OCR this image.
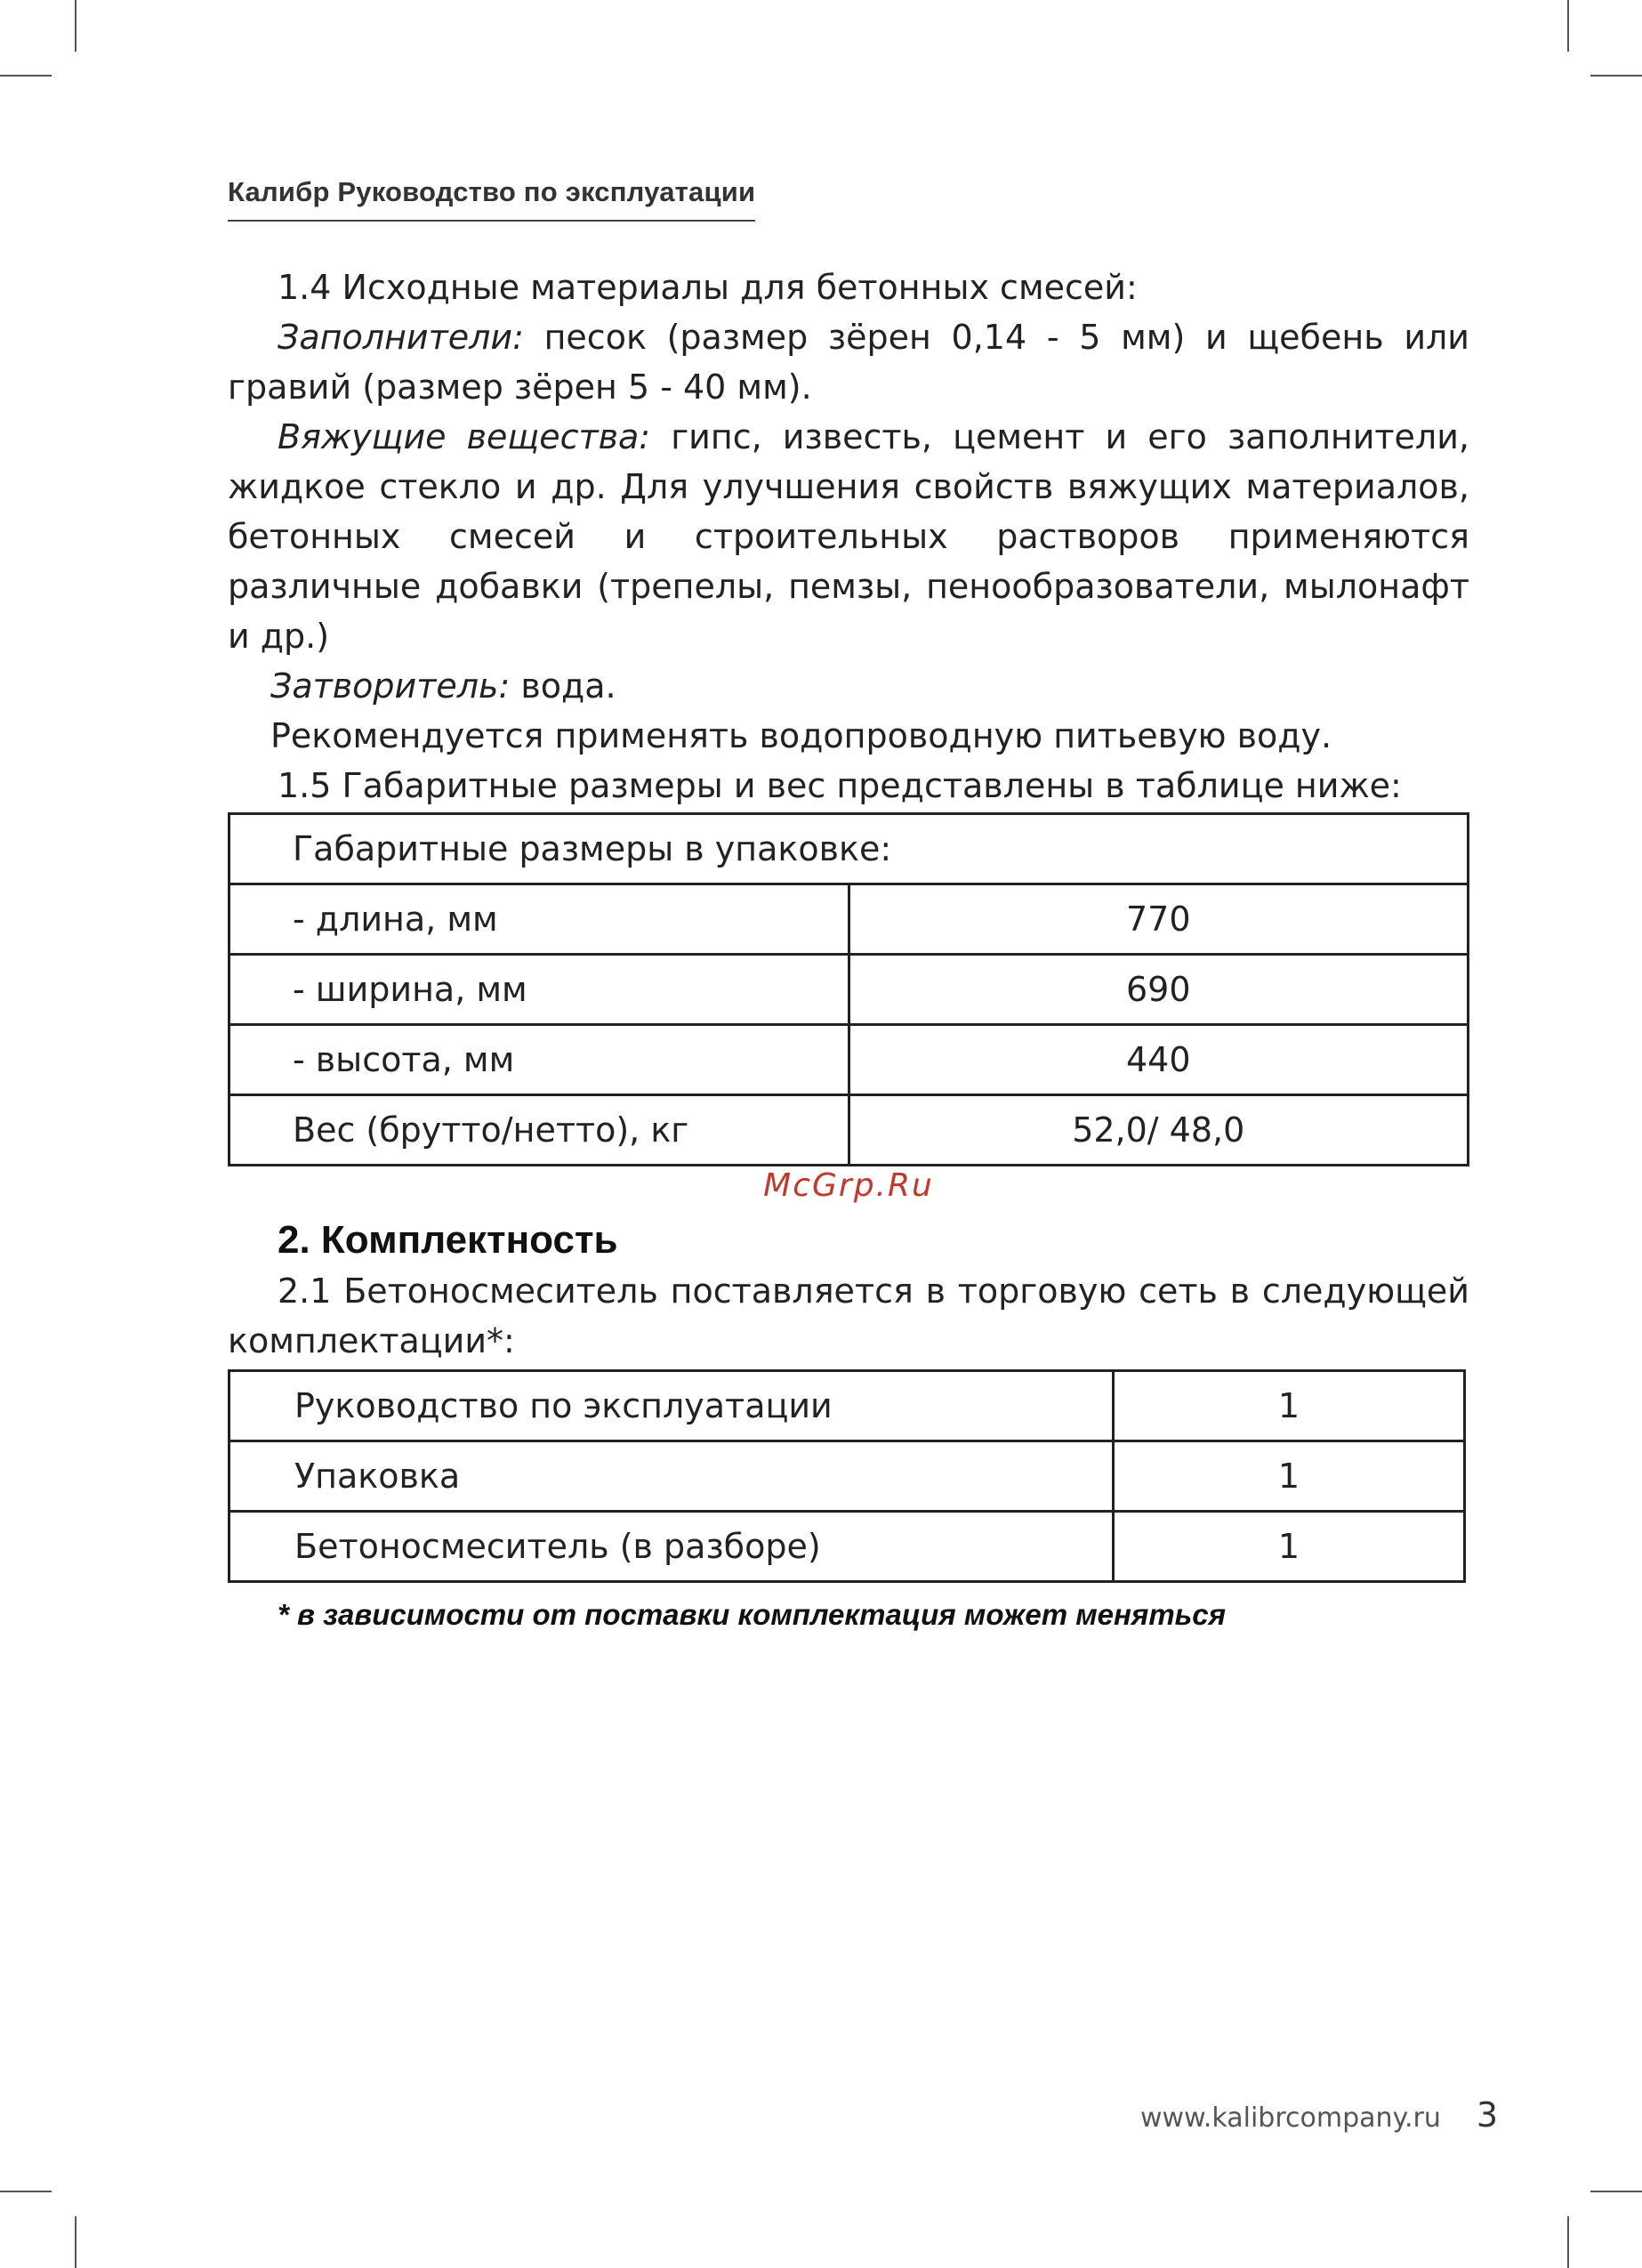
Калибр Руководство по эксплуатации

1.4 Исходные материалы для бетонных смесей:

Заполнители: песок (размер зёрен 0,14 - 5 мм) и щебень или гравий (размер зёрен 5 - 40 мм).

Вяжущие вещества: гипс, известь, цемент и его заполнители, жидкое стекло и др. Для улучшения свойств вяжущих материалов, бетонных смесей и строительных растворов применяются различные добавки (трепелы, пемзы, пенообразователи, мылонафт и др.)

Затворитель: вода.

Рекомендуется применять водопроводную питьевую воду.

1.5 Габаритные размеры и вес представлены в таблице ниже:

Габаритные размеры в упаковке:	
- длина, мм	770
- ширина, мм	690
- высота, мм	440
Вес (брутто/нетто), кг	52,0/ 48,0
McGrp.Ru
2. Комплектность

2.1 Бетоносмеситель поставляется в торговую сеть в следующей комплектации*:

Руководство по эксплуатации	1
Упаковка	1
Бетоносмеситель (в разборе)	1
* в зависимости от поставки комплектация может меняться
www.kalibrcompany.ru 3
